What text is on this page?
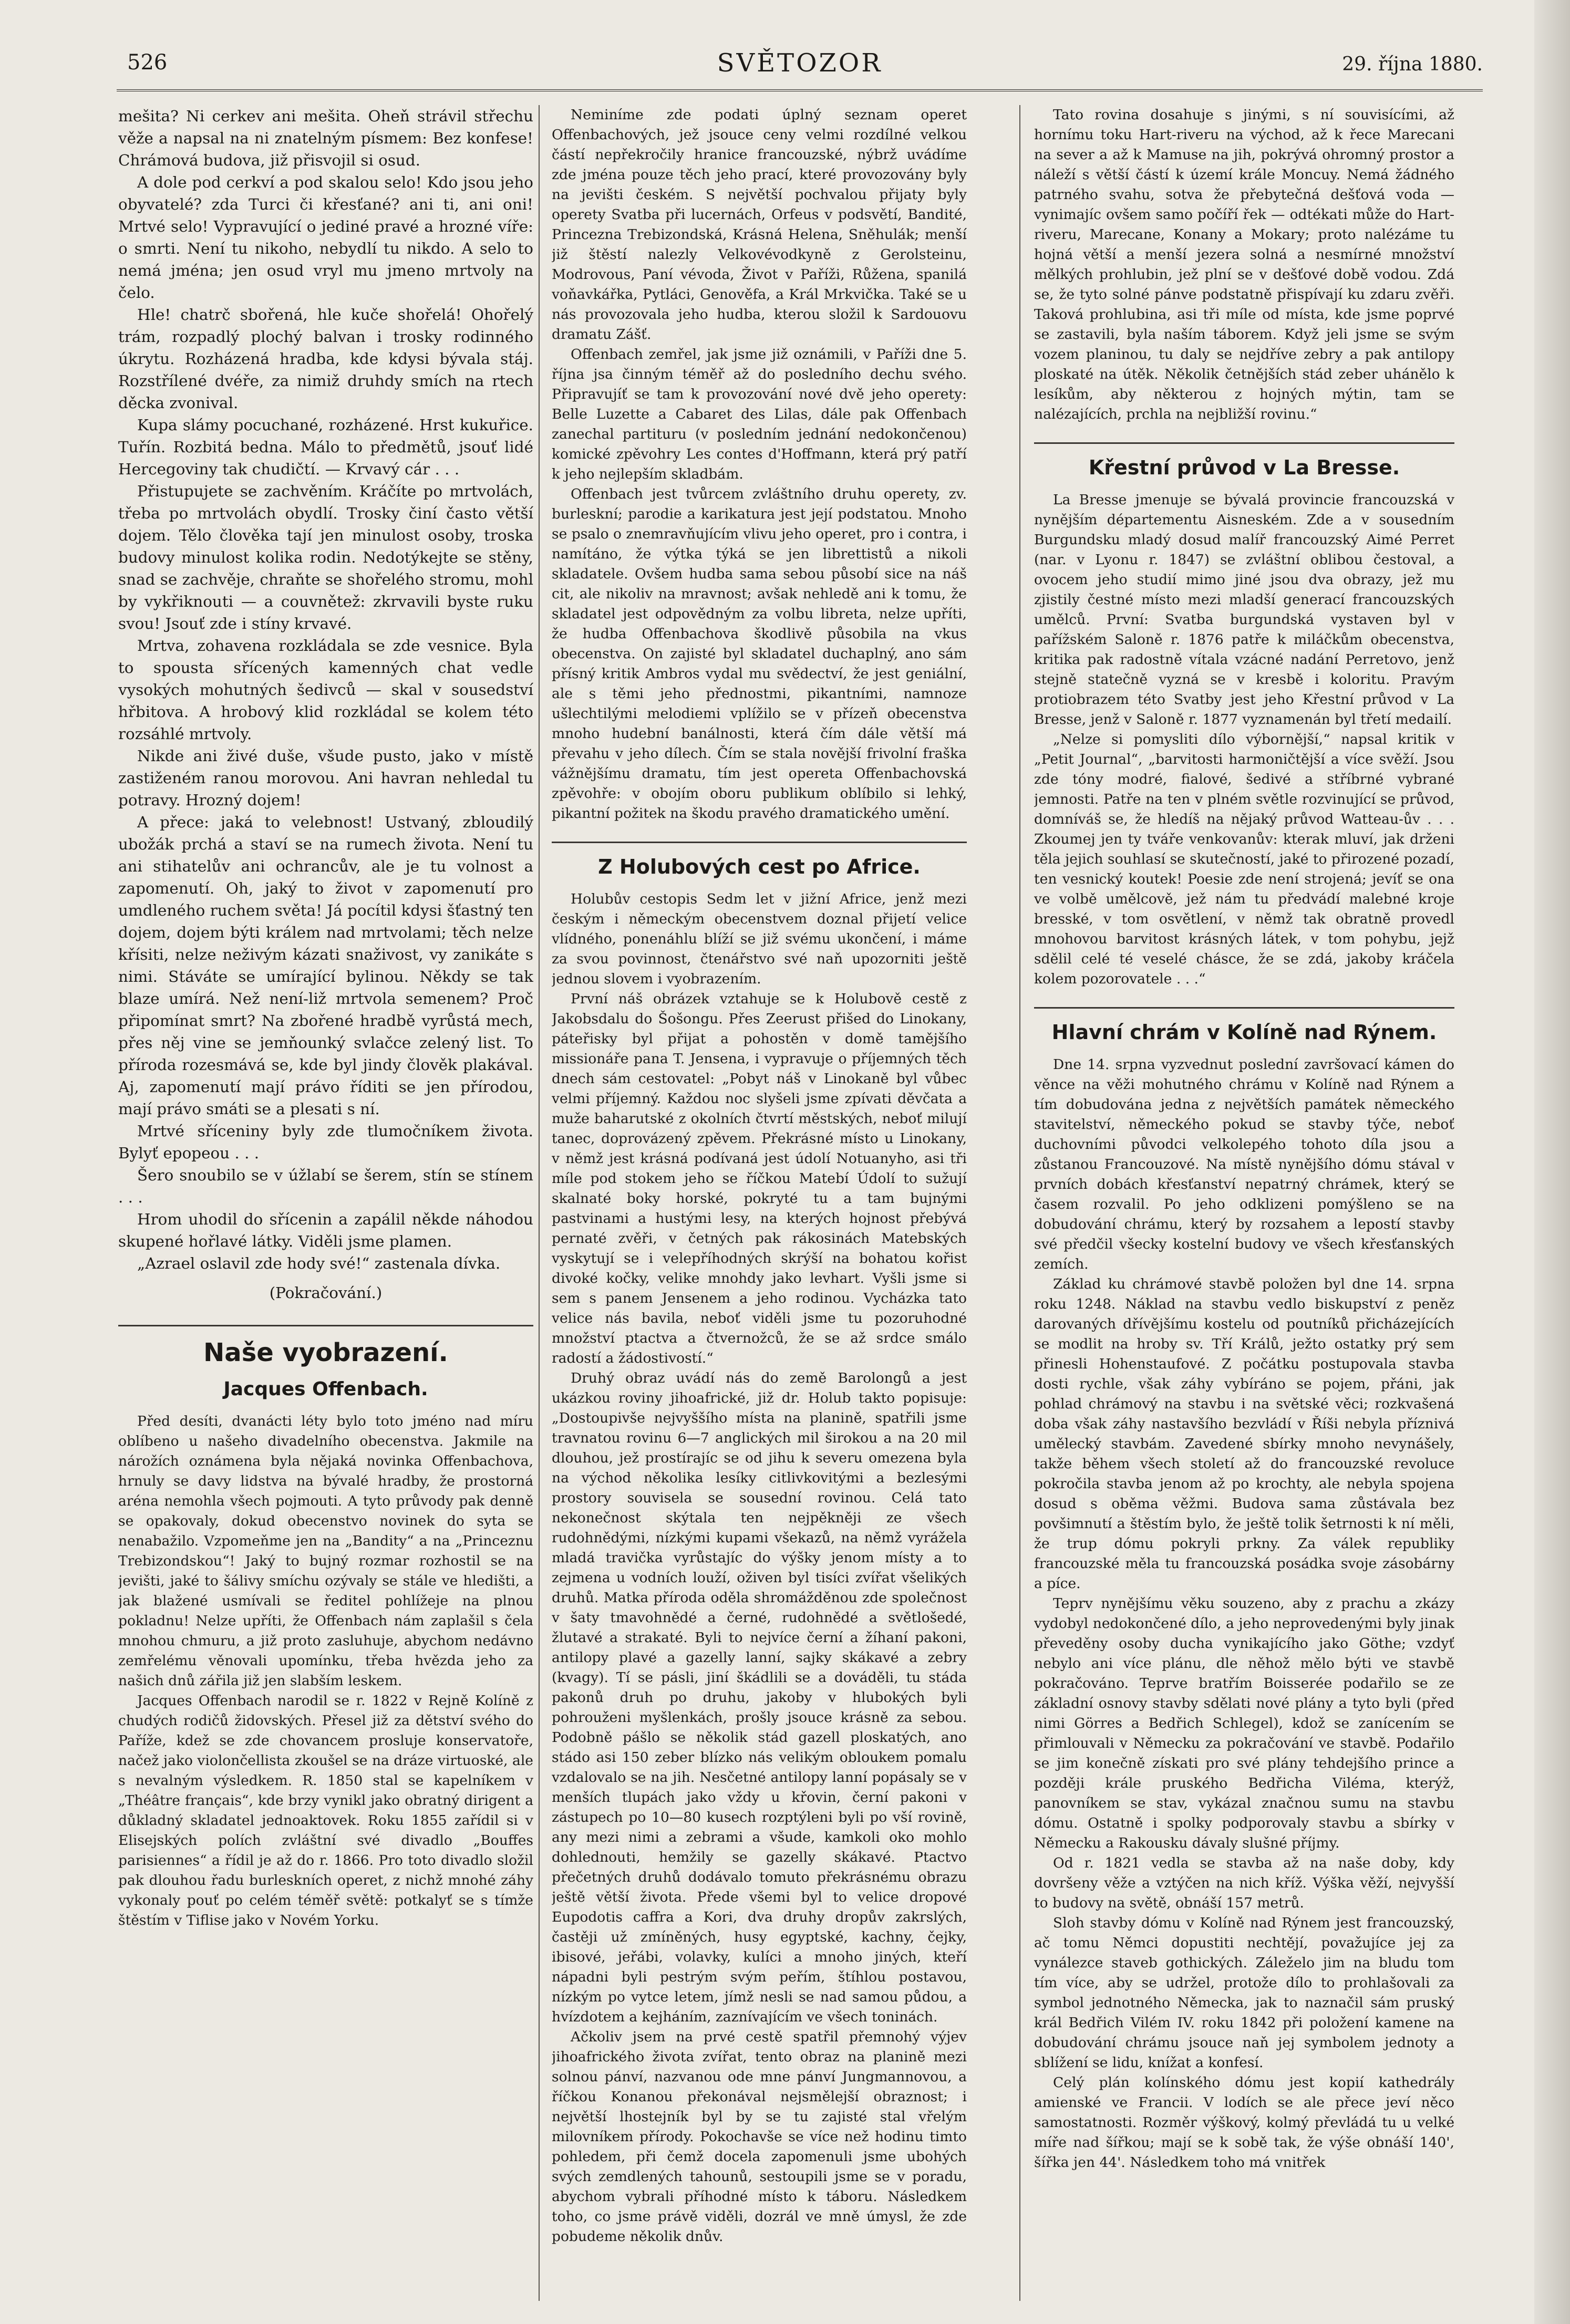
526	SVĚTOZOR	29. října 1880.

mešita? Ni cerkev ani mešita. Oheň strávil střechu věže a napsal na ni znatelným písmem: Bez konfese! Chrámová budova, již přisvojil si osud.

A dole pod cerkví a pod skalou selo! Kdo jsou jeho obyvatelé? zda Turci či křesťané? ani ti, ani oni! Mrtvé selo! Vypravující o jediné pravé a hrozné víře: o smrti. Není tu nikoho, nebydlí tu nikdo. A selo to nemá jména; jen osud vryl mu jmeno mrtvoly na čelo.

Hle! chatrč sbořená, hle kuče shořelá! Ohořelý trám, rozpadlý plochý balvan i trosky rodinného úkrytu. Rozházená hradba, kde kdysi bývala stáj. Rozstřílené dvéře, za nimiž druhdy smích na rtech děcka zvonival.

Kupa slámy pocuchané, rozházené. Hrst kukuřice. Tuřín. Rozbitá bedna. Málo to předmětů, jsouť lidé Hercegoviny tak chudičtí. — Krvavý cár . . .

Přistupujete se zachvěním. Kráčíte po mrtvolách, třeba po mrtvolách obydlí. Trosky činí často větší dojem. Tělo člověka tají jen minulost osoby, troska budovy minulost kolika rodin. Nedotýkejte se stěny, snad se zachvěje, chraňte se shořelého stromu, mohl by vykřiknouti — a couvnětež: zkrvavili byste ruku svou! Jsouť zde i stíny krvavé.

Mrtva, zohavena rozkládala se zde vesnice. Byla to spousta sřícených kamenných chat vedle vysokých mohutných šedivců — skal v sousedství hřbitova. A hrobový klid rozkládal se kolem této rozsáhlé mrtvoly.

Nikde ani živé duše, všude pusto, jako v místě zastiženém ranou morovou. Ani havran nehledal tu potravy. Hrozný dojem!

A přece: jaká to velebnost! Ustvaný, zbloudilý ubožák prchá a staví se na rumech života. Není tu ani stihatelův ani ochrancův, ale je tu volnost a zapomenutí. Oh, jaký to život v zapomenutí pro umdleného ruchem světa! Já pocítil kdysi šťastný ten dojem, dojem býti králem nad mrtvolami; těch nelze křísiti, nelze neživým kázati snaživost, vy zanikáte s nimi. Stáváte se umírající bylinou. Někdy se tak blaze umírá. Než není-liž mrtvola semenem? Proč připomínat smrt? Na zbořené hradbě vyrůstá mech, přes něj vine se jemňounký svlačce zelený list. To příroda rozesmává se, kde byl jindy člověk plakával. Aj, zapomenutí mají právo říditi se jen přírodou, mají právo smáti se a plesati s ní.

Mrtvé sříceniny byly zde tlumočníkem života. Bylyť epopeou . . .

Šero snoubilo se v úžlabí se šerem, stín se stínem . . .

Hrom uhodil do sřícenin a zapálil někde náhodou skupené hořlavé látky. Viděli jsme plamen.

„Azrael oslavil zde hody své!“ zastenala dívka.

(Pokračování.)

Naše vyobrazení.
Jacques Offenbach.

Před desíti, dvanácti léty bylo toto jméno nad míru oblíbeno u našeho divadelního obecenstva. Jakmile na nárožích oznámena byla nějaká novinka Offenbachova, hrnuly se davy lidstva na bývalé hradby, že prostorná aréna nemohla všech pojmouti. A tyto průvody pak denně se opakovaly, dokud obecenstvo novinek do syta se nenabažilo. Vzpomeňme jen na „Bandity“ a na „Princeznu Trebizondskou“! Jaký to bujný rozmar rozhostil se na jevišti, jaké to šálivy smíchu ozývaly se stále ve hledišti, a jak blažené usmívali se ředitel pohlížeje na plnou pokladnu! Nelze upříti, že Offenbach nám zaplašil s čela mnohou chmuru, a již proto zasluhuje, abychom nedávno zemřelému věnovali upomínku, třeba hvězda jeho za našich dnů zářila již jen slabším leskem.

Jacques Offenbach narodil se r. 1822 v Rejně Kolíně z chudých rodičů židovských. Přesel již za dětství svého do Paříže, kdež se zde chovancem prosluje konservatoře, načež jako violončellista zkoušel se na dráze virtuoské, ale s nevalným výsledkem. R. 1850 stal se kapelníkem v „Théâtre français“, kde brzy vynikl jako obratný dirigent a důkladný skladatel jednoaktovek. Roku 1855 zařídil si v Elisejských polích zvláštní své divadlo „Bouffes parisiennes“ a řídil je až do r. 1866. Pro toto divadlo složil pak dlouhou řadu burleskních operet, z nichž mnohé záhy vykonaly pouť po celém téměř světě: potkalyť se s tímže štěstím v Tiflise jako v Novém Yorku.

Neminíme zde podati úplný seznam operet Offenbachových, jež jsouce ceny velmi rozdílné velkou částí nepřekročily hranice francouzské, nýbrž uvádíme zde jména pouze těch jeho prací, které provozovány byly na jevišti českém. S největší pochvalou přijaty byly operety Svatba při lucernách, Orfeus v podsvětí, Bandité, Princezna Trebizondská, Krásná Helena, Sněhulák; menší již štěstí nalezly Velkovévodkyně z Gerolsteinu, Modrovous, Paní vévoda, Život v Paříži, Růžena, spanilá voňavkářka, Pytláci, Genověfa, a Král Mrkvička. Také se u nás provozovala jeho hudba, kterou složil k Sardouovu dramatu Zášť.

Offenbach zemřel, jak jsme již oznámili, v Paříži dne 5. října jsa činným téměř až do posledního dechu svého. Připravujíť se tam k provozování nové dvě jeho operety: Belle Luzette a Cabaret des Lilas, dále pak Offenbach zanechal partituru (v posledním jednání nedokončenou) komické zpěvohry Les contes d'Hoffmann, která prý patří k jeho nejlepším skladbám.

Offenbach jest tvůrcem zvláštního druhu operety, zv. burleskní; parodie a karikatura jest její podstatou. Mnoho se psalo o znemravňujícím vlivu jeho operet, pro i contra, i namítáno, že výtka týká se jen librettistů a nikoli skladatele. Ovšem hudba sama sebou působí sice na náš cit, ale nikoliv na mravnost; avšak nehledě ani k tomu, že skladatel jest odpovědným za volbu libreta, nelze upříti, že hudba Offenbachova škodlivě působila na vkus obecenstva. On zajisté byl skladatel duchaplný, ano sám přísný kritik Ambros vydal mu svědectví, že jest geniální, ale s těmi jeho přednostmi, pikantními, namnoze ušlechtilými melodiemi vplížilo se v přízeň obecenstva mnoho hudební banálnosti, která čím dále větší má převahu v jeho dílech. Čím se stala novější frivolní fraška vážnějšímu dramatu, tím jest opereta Offenbachovská zpěvohře: v obojím oboru publikum oblíbilo si lehký, pikantní požitek na škodu pravého dramatického umění.

Z Holubových cest po Africe.

Holubův cestopis Sedm let v jižní Africe, jenž mezi českým i německým obecenstvem doznal přijetí velice vlídného, ponenáhlu blíží se již svému ukončení, i máme za svou povinnost, čtenářstvo své naň upozorniti ještě jednou slovem i vyobrazením.

První náš obrázek vztahuje se k Holubově cestě z Jakobsdalu do Šošongu. Přes Zeerust přišed do Linokany, páteřisky byl přijat a pohostěn v domě tamějšího missionáře pana T. Jensena, i vypravuje o příjemných těch dnech sám cestovatel: „Pobyt náš v Linokaně byl vůbec velmi příjemný. Každou noc slyšeli jsme zpívati děvčata a muže baharutské z okolních čtvrtí městských, neboť milují tanec, doprovázený zpěvem. Překrásné místo u Linokany, v němž jest krásná podívaná jest údolí Notuanyho, asi tři míle pod stokem jeho se říčkou Matebí Údolí to sužují skalnaté boky horské, pokryté tu a tam bujnými pastvinami a hustými lesy, na kterých hojnost přebývá pernaté zvěři, v četných pak rákosinách Matebských vyskytují se i velepříhodných skrýší na bohatou kořist divoké kočky, velike mnohdy jako levhart. Vyšli jsme si sem s panem Jensenem a jeho rodinou. Vycházka tato velice nás bavila, neboť viděli jsme tu pozoruhodné množství ptactva a čtvernožců, že se až srdce smálo radostí a žádostivostí.“

Druhý obraz uvádí nás do země Barolongů a jest ukázkou roviny jihoafrické, již dr. Holub takto popisuje: „Dostoupivše nejvyššího místa na planině, spatřili jsme travnatou rovinu 6—7 anglických mil širokou a na 20 mil dlouhou, jež prostírajíc se od jihu k severu omezena byla na východ několika lesíky citlivkovitými a bezlesými prostory souvisela se sousední rovinou. Celá tato nekonečnost skýtala ten nejpěkněji ze všech rudohnědými, nízkými kupami všekazů, na němž vyrážela mladá travička vyrůstajíc do výšky jenom místy a to zejmena u vodních louží, oživen byl tisíci zvířat všelikých druhů. Matka příroda oděla shromážděnou zde společnost v šaty tmavohnědé a černé, rudohnědé a světlošedé, žlutavé a strakaté. Byli to nejvíce černí a žíhaní pakoni, antilopy plavé a gazelly lanní, sajky skákavé a zebry (kvagy). Tí se pásli, jiní škádlili se a dováděli, tu stáda pakonů druh po druhu, jakoby v hlubokých byli pohrouženi myšlenkách, prošly jsouce krásně za sebou. Podobně pášlo se několik stád gazell ploskatých, ano stádo asi 150 zeber blízko nás velikým obloukem pomalu vzdalovalo se na jih. Nesčetné antilopy lanní popásaly se v menších tlupách jako vždy u křovin, černí pakoni v zástupech po 10—80 kusech rozptýleni byli po vší rovině, any mezi nimi a zebrami a všude, kamkoli oko mohlo dohlednouti, hemžily se gazelly skákavé. Ptactvo přečetných druhů dodávalo tomuto překrásnému obrazu ještě větší života. Přede všemi byl to velice dropové Eupodotis caffra a Kori, dva druhy dropův zakrslých, častěji už zmíněných, husy egyptské, kachny, čejky, ibisové, jeřábi, volavky, kulíci a mnoho jiných, kteří nápadni byli pestrým svým peřím, štíhlou postavou, nízkým po vytce letem, jímž nesli se nad samou půdou, a hvízdotem a kejháním, zaznívajícím ve všech toninách.

Ačkoliv jsem na prvé cestě spatřil přemnohý výjev jihoafrického života zvířat, tento obraz na planině mezi solnou pánví, nazvanou ode mne pánví Jungmannovou, a říčkou Konanou překonával nejsmělejší obraznost; i největší lhostejník byl by se tu zajisté stal vřelým milovníkem přírody. Pokochavše se více než hodinu timto pohledem, při čemž docela zapomenuli jsme ubohých svých zemdlených tahounů, sestoupili jsme se v poradu, abychom vybrali příhodné místo k táboru. Následkem toho, co jsme právě viděli, dozrál ve mně úmysl, že zde pobudeme několik dnův.

Tato rovina dosahuje s jinými, s ní souvisícími, až hornímu toku Hart-riveru na východ, až k řece Marecani na sever a až k Mamuse na jih, pokrývá ohromný prostor a náleží s větší částí k území krále Moncuy. Nemá žádného patrného svahu, sotva že přebytečná dešťová voda — vynimajíc ovšem samo počíří řek — odtékati může do Hart-riveru, Marecane, Konany a Mokary; proto nalézáme tu hojná větší a menší jezera solná a nesmírné množství mělkých prohlubin, jež plní se v dešťové době vodou. Zdá se, že tyto solné pánve podstatně přispívají ku zdaru zvěři. Taková prohlubina, asi tři míle od místa, kde jsme poprvé se zastavili, byla naším táborem. Když jeli jsme se svým vozem planinou, tu daly se nejdříve zebry a pak antilopy ploskaté na útěk. Několik četnějších stád zeber uhánělo k lesíkům, aby některou z hojných mýtin, tam se nalézajících, prchla na nejbližší rovinu.“

Křestní průvod v La Bresse.

La Bresse jmenuje se bývalá provincie francouzská v nynějším départementu Aisneském. Zde a v sousedním Burgundsku mladý dosud malíř francouzský Aimé Perret (nar. v Lyonu r. 1847) se zvláštní oblibou čestoval, a ovocem jeho studií mimo jiné jsou dva obrazy, jež mu zjistily čestné místo mezi mladší generací francouzských umělců. První: Svatba burgundská vystaven byl v pařížském Saloně r. 1876 patře k miláčkům obecenstva, kritika pak radostně vítala vzácné nadání Perretovo, jenž stejně statečně vyzná se v kresbě i koloritu. Pravým protiobrazem této Svatby jest jeho Křestní průvod v La Bresse, jenž v Saloně r. 1877 vyznamenán byl třetí medailí.

„Nelze si pomysliti dílo výbornější,“ napsal kritik v „Petit Journal“, „barvitosti harmoničtější a více svěží. Jsou zde tóny modré, fialové, šedivé a stříbrné vybrané jemnosti. Patře na ten v plném světle rozvinující se průvod, domníváš se, že hledíš na nějaký průvod Watteau-ův . . . Zkoumej jen ty tváře venkovanův: kterak mluví, jak drženi těla jejich souhlasí se skutečností, jaké to přirozené pozadí, ten vesnický koutek! Poesie zde není strojená; jevíť se ona ve volbě umělcově, jež nám tu předvádí malebné kroje bresské, v tom osvětlení, v němž tak obratně provedl mnohovou barvitost krásných látek, v tom pohybu, jejž sdělil celé té veselé chásce, že se zdá, jakoby kráčela kolem pozorovatele . . .“

Hlavní chrám v Kolíně nad Rýnem.

Dne 14. srpna vyzvednut poslední završovací kámen do věnce na věži mohutného chrámu v Kolíně nad Rýnem a tím dobudována jedna z největších památek německého stavitelství, německého pokud se stavby týče, neboť duchovními původci velkolepého tohoto díla jsou a zůstanou Francouzové. Na místě nynějšího dómu stával v prvních dobách křesťanství nepatrný chrámek, který se časem rozvalil. Po jeho odklizeni pomýšleno se na dobudování chrámu, který by rozsahem a lepostí stavby své předčil všecky kostelní budovy ve všech křesťanských zemích.

Základ ku chrámové stavbě položen byl dne 14. srpna roku 1248. Náklad na stavbu vedlo biskupství z peněz darovaných dřívějšímu kostelu od poutníků přicházejících se modlit na hroby sv. Tří Králů, ježto ostatky prý sem přinesli Hohenstaufové. Z počátku postupovala stavba dosti rychle, však záhy vybíráno se pojem, přáni, jak pohlad chrámový na stavbu i na světské věci; rozkvašená doba však záhy nastavšího bezvládí v Říši nebyla příznivá umělecký stavbám. Zavedené sbírky mnoho nevynášely, takže během všech století až do francouzské revoluce pokročila stavba jenom až po krochty, ale nebyla spojena dosud s oběma věžmi. Budova sama zůstávala bez povšimnutí a štěstím bylo, že ještě tolik šetrnosti k ní měli, že trup dómu pokryli prkny. Za válek republiky francouzské měla tu francouzská posádka svoje zásobárny a píce.

Teprv nynějšímu věku souzeno, aby z prachu a zkázy vydobyl nedokončené dílo, a jeho neprovedenými byly jinak převeděny osoby ducha vynikajícího jako Göthe; vzdyť nebylo ani více plánu, dle něhož mělo býti ve stavbě pokračováno. Teprve bratřím Boisserée podařilo se ze základní osnovy stavby sdělati nové plány a tyto byli (před nimi Görres a Bedřich Schlegel), kdož se zanícením se přimlouvali v Německu za pokračování ve stavbě. Podařilo se jim konečně získati pro své plány tehdejšího prince a později krále pruského Bedřicha Viléma, kterýž, panovníkem se stav, vykázal značnou sumu na stavbu dómu. Ostatně i spolky podporovaly stavbu a sbírky v Německu a Rakousku dávaly slušné příjmy.

Od r. 1821 vedla se stavba až na naše doby, kdy dovršeny věže a vztýčen na nich kříž. Výška věží, nejvyšší to budovy na světě, obnáší 157 metrů.

Sloh stavby dómu v Kolíně nad Rýnem jest francouzský, ač tomu Němci dopustiti nechtějí, považujíce jej za vynálezce staveb gothických. Záleželo jim na bludu tom tím více, aby se udržel, protože dílo to prohlašovali za symbol jednotného Německa, jak to naznačil sám pruský král Bedřich Vilém IV. roku 1842 při položení kamene na dobudování chrámu jsouce naň jej symbolem jednoty a sblížení se lidu, knížat a konfesí.

Celý plán kolínského dómu jest kopií kathedrály amienské ve Francii. V lodích se ale přece jeví něco samostatnosti. Rozměr výškový, kolmý převládá tu u velké míře nad šířkou; mají se k sobě tak, že výše obnáší 140', šířka jen 44'. Následkem toho má vnitřek
